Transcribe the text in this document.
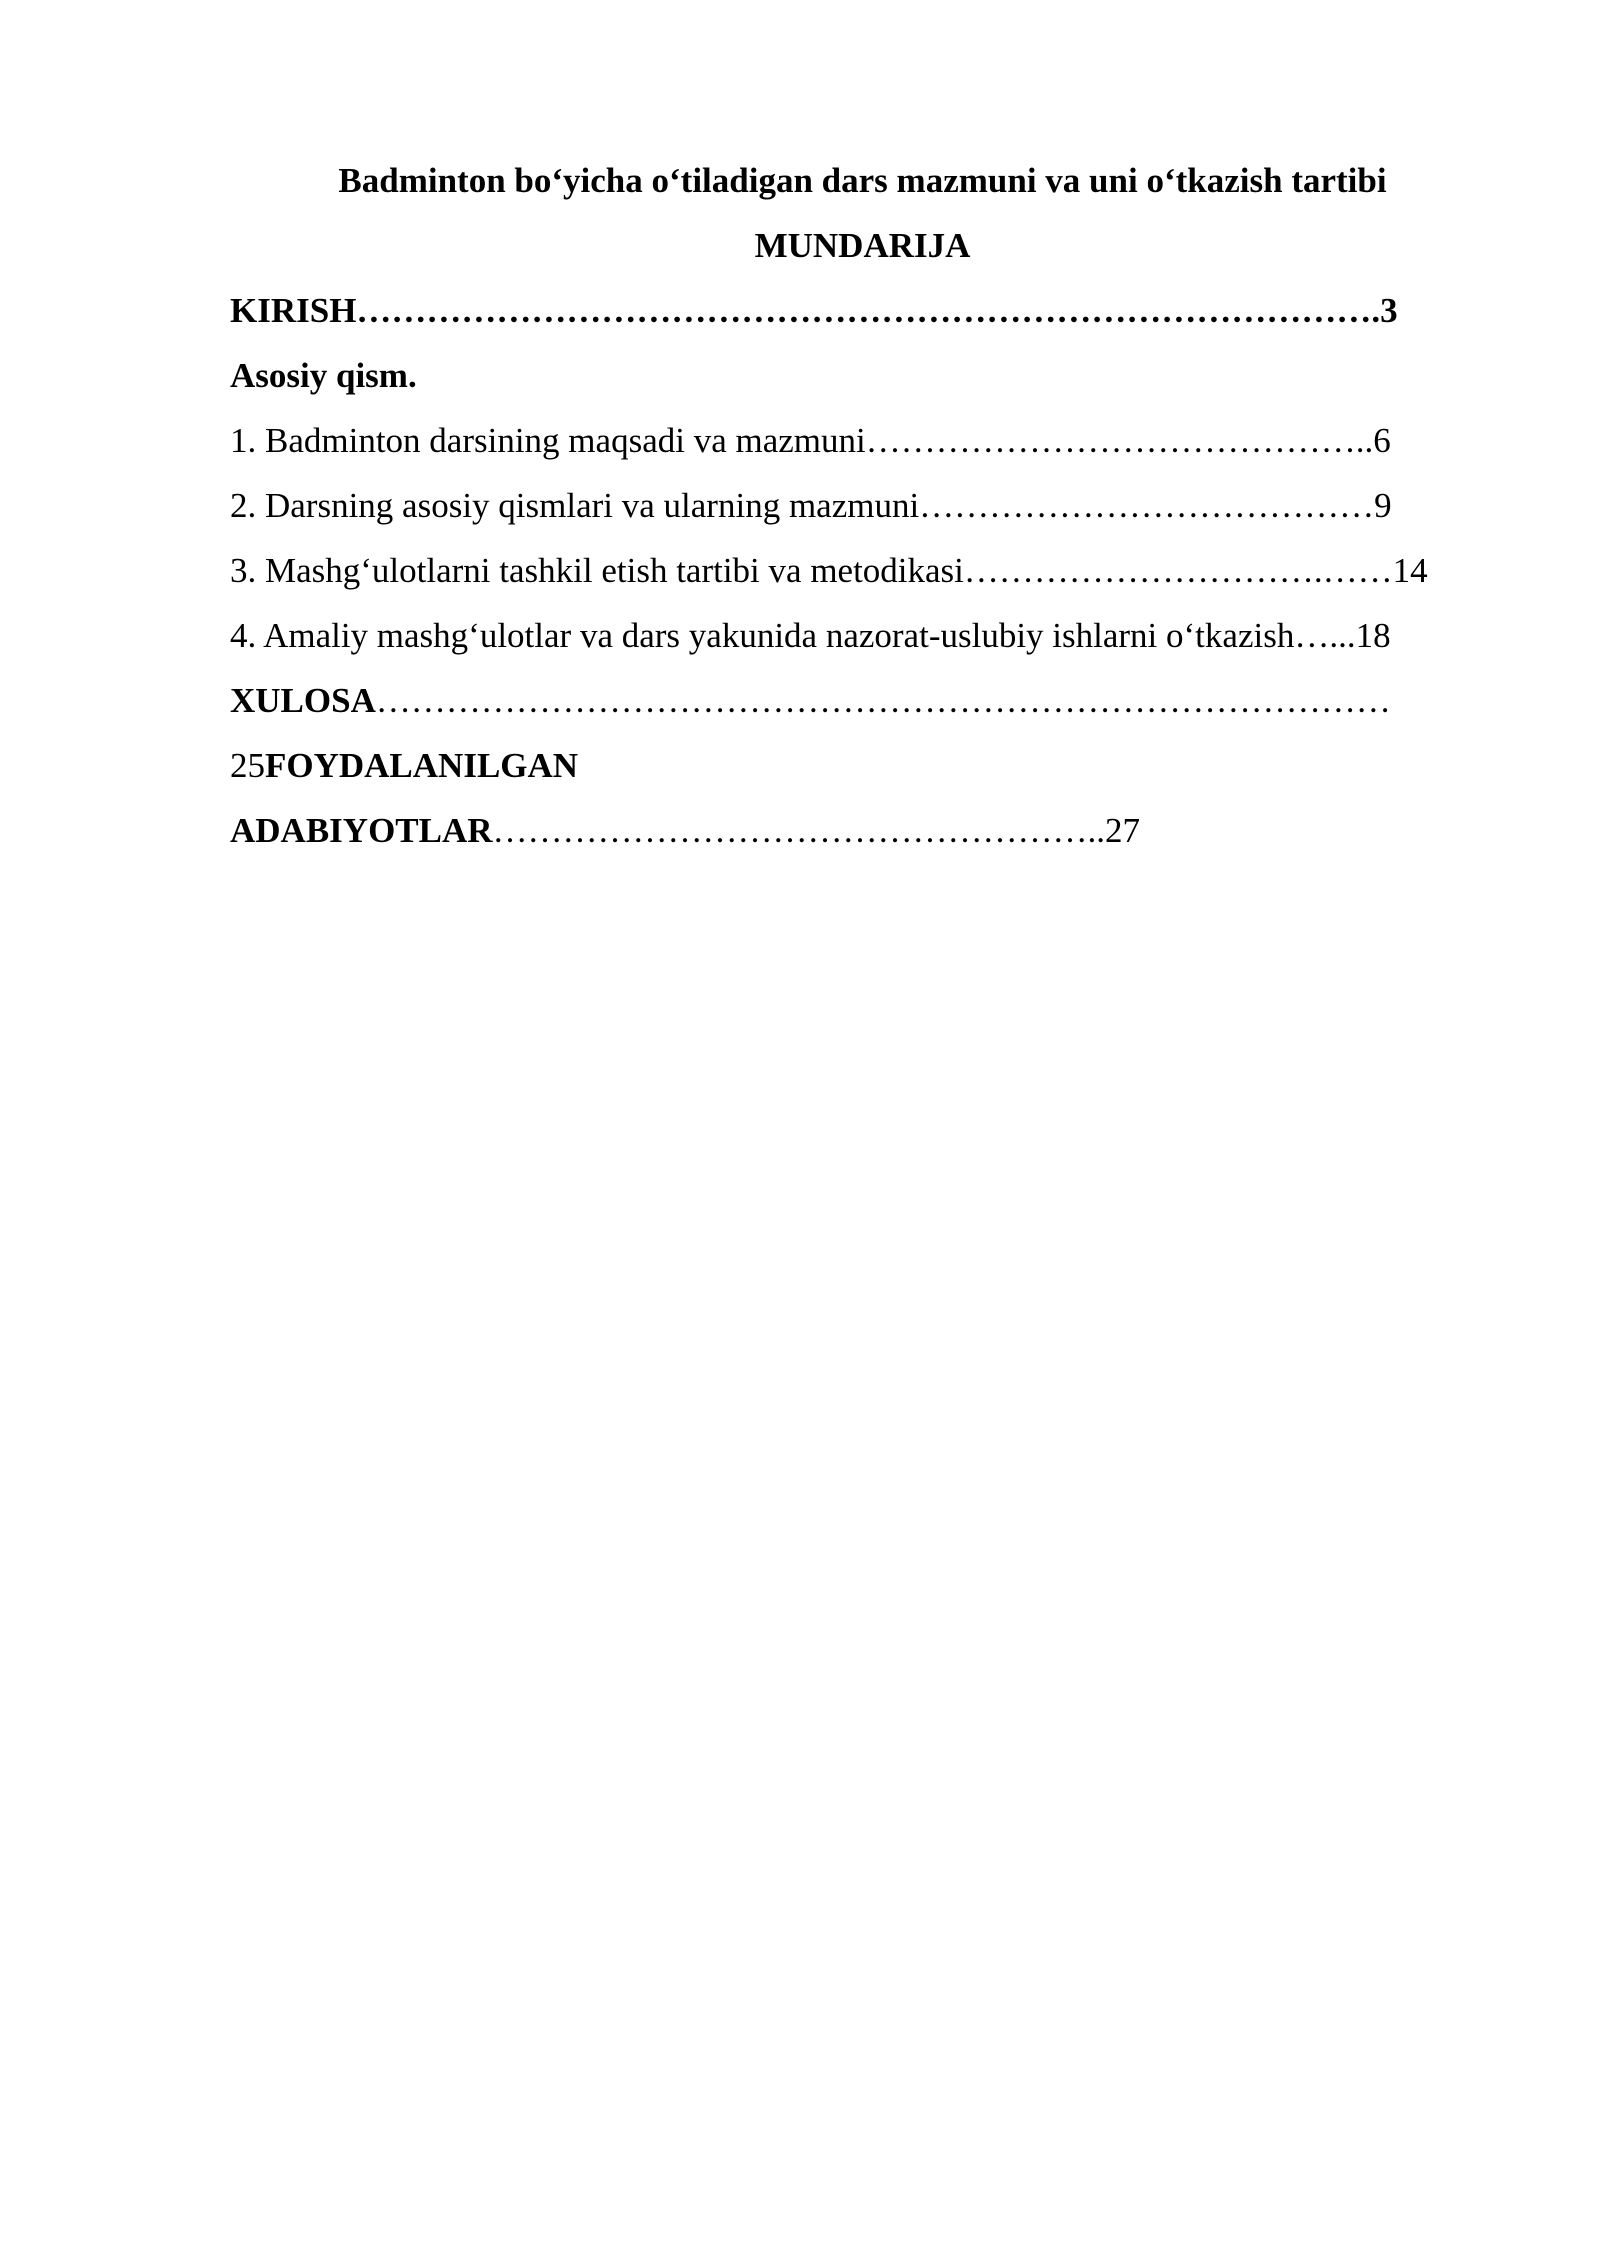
Badminton bo‘yicha o‘tiladigan dars mazmuni va uni o‘tkazish tartibi
MUNDARIJA
KIRISH…………………………………………………………………………….3
Asosiy qism.
1. Badminton darsining maqsadi va mazmuni……………………………………..6
2. Darsning asosiy qismlari va ularning mazmuni…………………………………9
3. Mashg‘ulotlarni tashkil etish tartibi va metodikasi………………………….……14
4. Amaliy mashg‘ulotlar va dars yakunida nazorat-uslubiy ishlarni o‘tkazish…...18
XULOSA……………………………………………………………………………
25FOYDALANILGAN
ADABIYOTLAR……………………………………………..27
